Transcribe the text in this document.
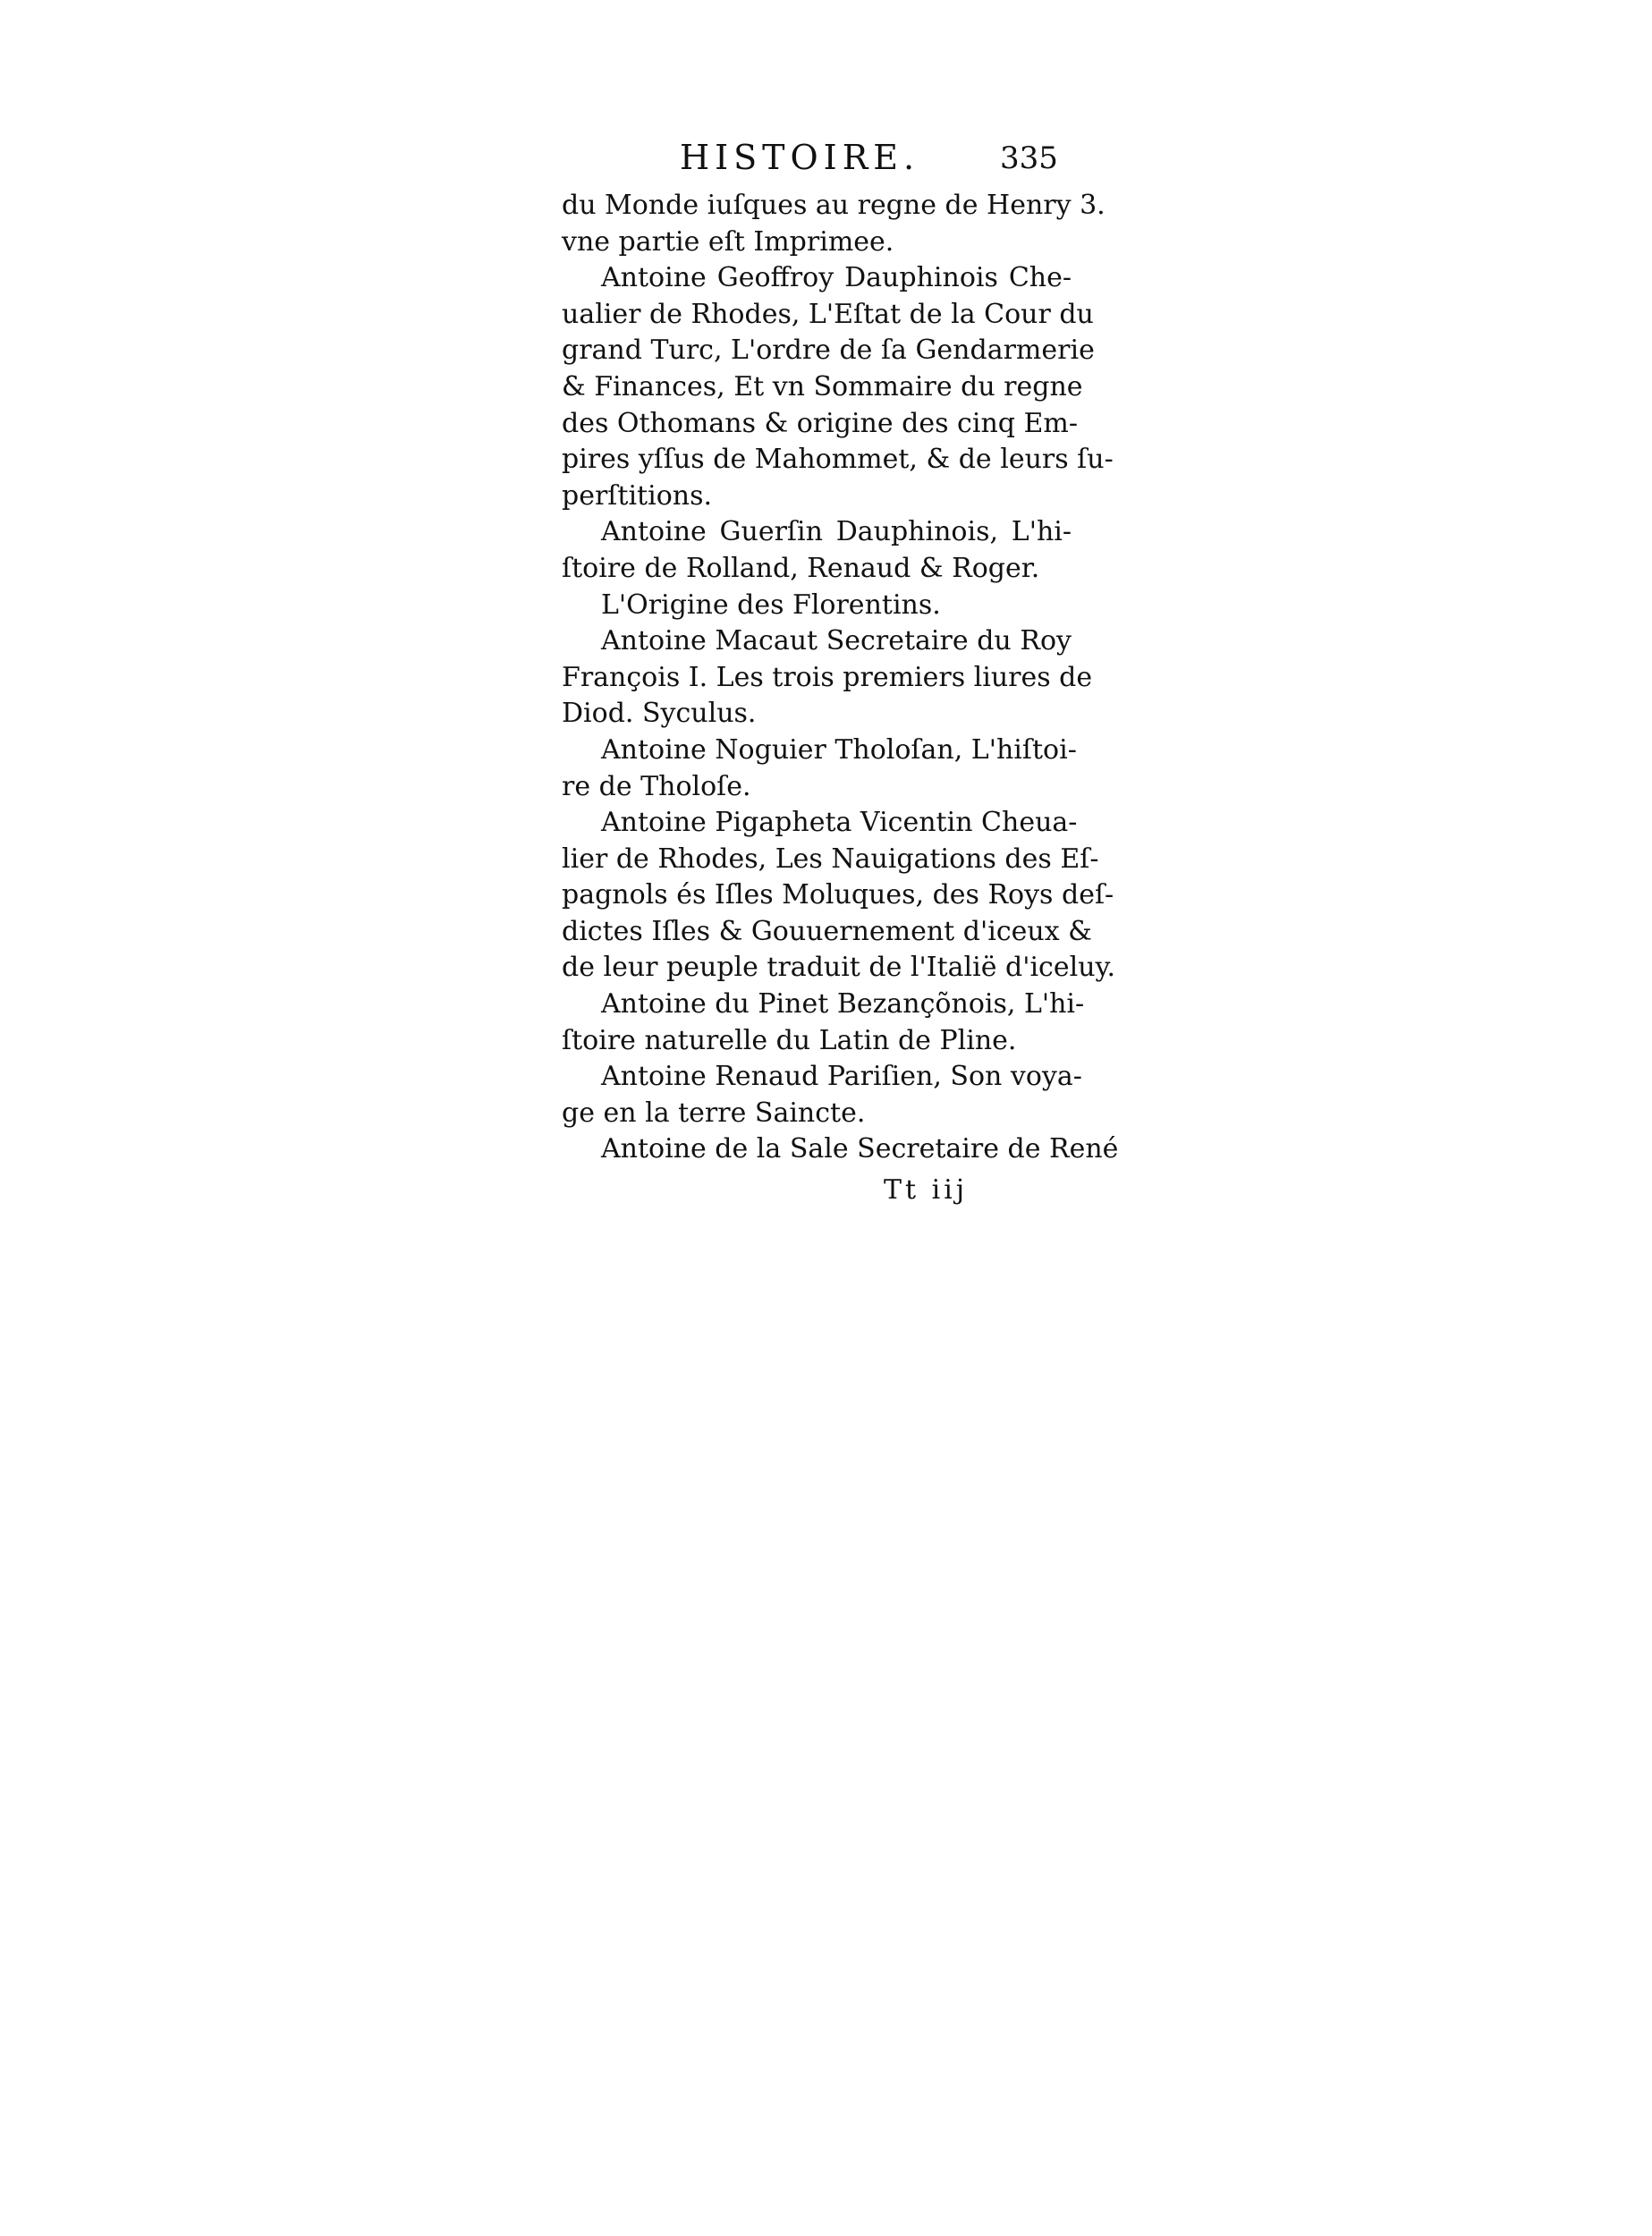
HISTOIRE.	335
du Monde iuſques au regne de Henry 3.
vne partie eſt Imprimee.
Antoine Geoffroy Dauphinois Che-
ualier de Rhodes, L'Eſtat de la Cour du
grand Turc, L'ordre de ſa Gendarmerie
& Finances, Et vn Sommaire du regne
des Othomans & origine des cinq Em-
pires yſſus de Mahommet, & de leurs ſu-
perſtitions.
Antoine Guerſin Dauphinois, L'hi-
ſtoire de Rolland, Renaud & Roger.
L'Origine des Florentins.
Antoine Macaut Secretaire du Roy
François I. Les trois premiers liures de
Diod. Syculus.
Antoine Noguier Tholoſan, L'hiſtoi-
re de Tholoſe.
Antoine Pigapheta Vicentin Cheua-
lier de Rhodes, Les Nauigations des Eſ-
pagnols és Iſles Moluques, des Roys deſ-
dictes Iſles & Gouuernement d'iceux &
de leur peuple traduit de l'Italië d'iceluy.
Antoine du Pinet Bezançõnois, L'hi-
ſtoire naturelle du Latin de Pline.
Antoine Renaud Pariſien, Son voya-
ge en la terre Saincte.
Antoine de la Sale Secretaire de René
Tt iij
